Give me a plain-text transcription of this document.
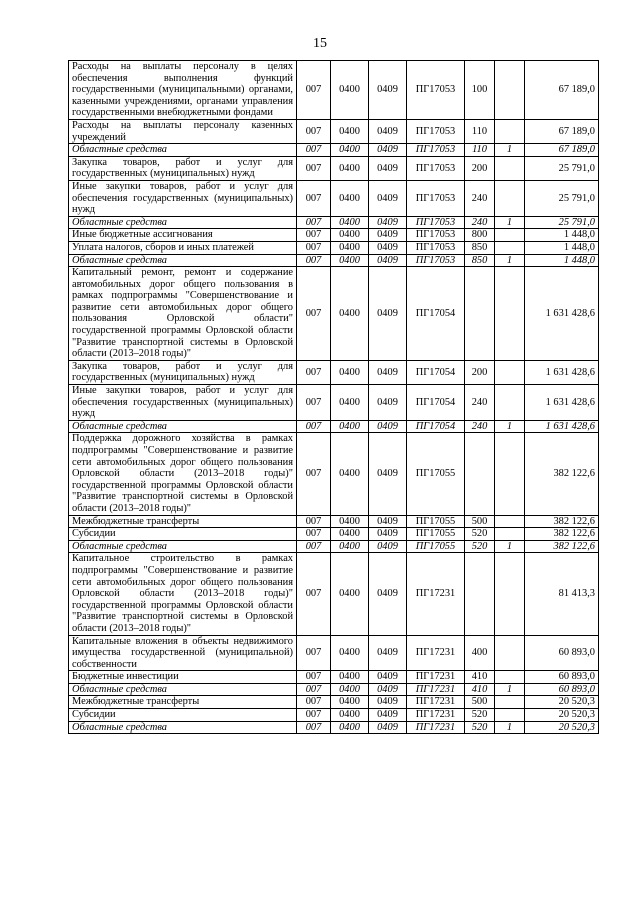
15
Расходы на выплаты персоналу в целях обеспечения выполнения функций государственными (муниципальными) органами, казенными учреждениями, органами управления государственными внебюджетными фондами	007	0400	0409	ПГ17053	100		67 189,0
Расходы на выплаты персоналу казенных учреждений	007	0400	0409	ПГ17053	110		67 189,0
Областные средства	007	0400	0409	ПГ17053	110	1	67 189,0
Закупка товаров, работ и услуг для государственных (муниципальных) нужд	007	0400	0409	ПГ17053	200		25 791,0
Иные закупки товаров, работ и услуг для обеспечения государственных (муниципальных) нужд	007	0400	0409	ПГ17053	240		25 791,0
Областные средства	007	0400	0409	ПГ17053	240	1	25 791,0
Иные бюджетные ассигнования	007	0400	0409	ПГ17053	800		1 448,0
Уплата налогов, сборов и иных платежей	007	0400	0409	ПГ17053	850		1 448,0
Областные средства	007	0400	0409	ПГ17053	850	1	1 448,0
Капитальный ремонт, ремонт и содержание автомобильных дорог общего пользования в рамках подпрограммы "Совершенствование и развитие сети автомобильных дорог общего пользования Орловской области" государственной программы Орловской области "Развитие транспортной системы в Орловской области (2013–2018 годы)"	007	0400	0409	ПГ17054			1 631 428,6
Закупка товаров, работ и услуг для государственных (муниципальных) нужд	007	0400	0409	ПГ17054	200		1 631 428,6
Иные закупки товаров, работ и услуг для обеспечения государственных (муниципальных) нужд	007	0400	0409	ПГ17054	240		1 631 428,6
Областные средства	007	0400	0409	ПГ17054	240	1	1 631 428,6
Поддержка дорожного хозяйства в рамках подпрограммы "Совершенствование и развитие сети автомобильных дорог общего пользования Орловской области (2013–2018 годы)" государственной программы Орловской области "Развитие транспортной системы в Орловской области (2013–2018 годы)"	007	0400	0409	ПГ17055			382 122,6
Межбюджетные трансферты	007	0400	0409	ПГ17055	500		382 122,6
Субсидии	007	0400	0409	ПГ17055	520		382 122,6
Областные средства	007	0400	0409	ПГ17055	520	1	382 122,6
Капитальное строительство в рамках подпрограммы "Совершенствование и развитие сети автомобильных дорог общего пользования Орловской области (2013–2018 годы)" государственной программы Орловской области "Развитие транспортной системы в Орловской области (2013–2018 годы)"	007	0400	0409	ПГ17231			81 413,3
Капитальные вложения в объекты недвижимого имущества государственной (муниципальной) собственности	007	0400	0409	ПГ17231	400		60 893,0
Бюджетные инвестиции	007	0400	0409	ПГ17231	410		60 893,0
Областные средства	007	0400	0409	ПГ17231	410	1	60 893,0
Межбюджетные трансферты	007	0400	0409	ПГ17231	500		20 520,3
Субсидии	007	0400	0409	ПГ17231	520		20 520,3
Областные средства	007	0400	0409	ПГ17231	520	1	20 520,3
